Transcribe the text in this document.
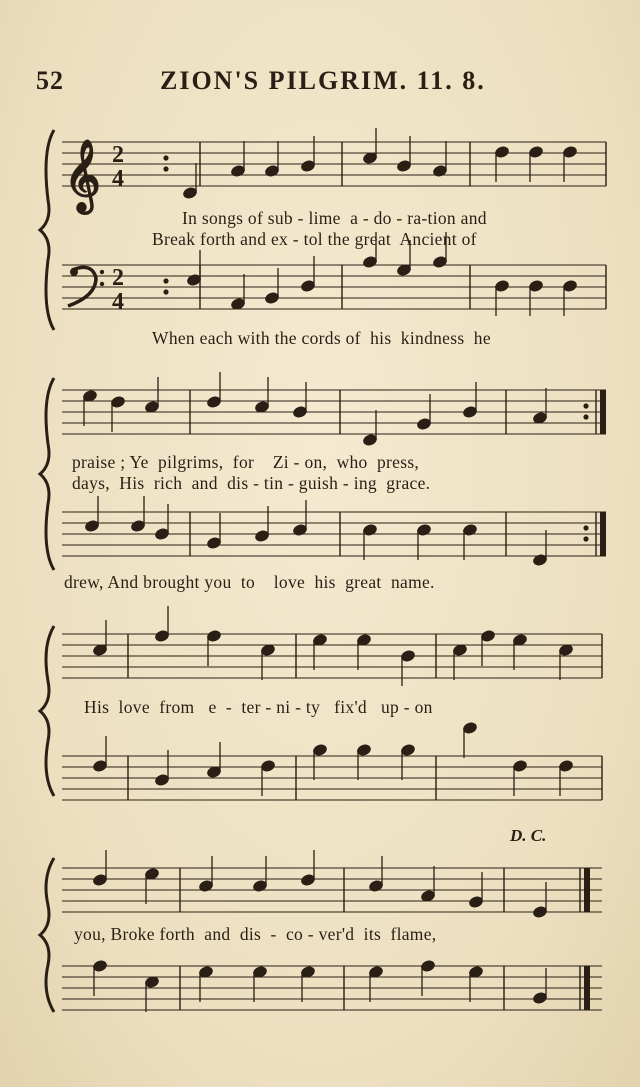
52	ZION'S PILGRIM. 11. 8.
𝄞 2
4
2
4
In songs of sub - lime  a - do - ra-tion and
Break forth and ex - tol the great  Ancient of
When each with the cords of  his  kindness  he
praise ; Ye  pilgrims,  for    Zi - on,  who  press,
days,  His  rich  and  dis - tin - guish - ing  grace.
drew, And brought you  to    love  his  great  name.
His  love  from   e  -  ter - ni - ty   fix'd   up - on
D. C.
you, Broke forth  and  dis  -  co - ver'd  its  flame,
